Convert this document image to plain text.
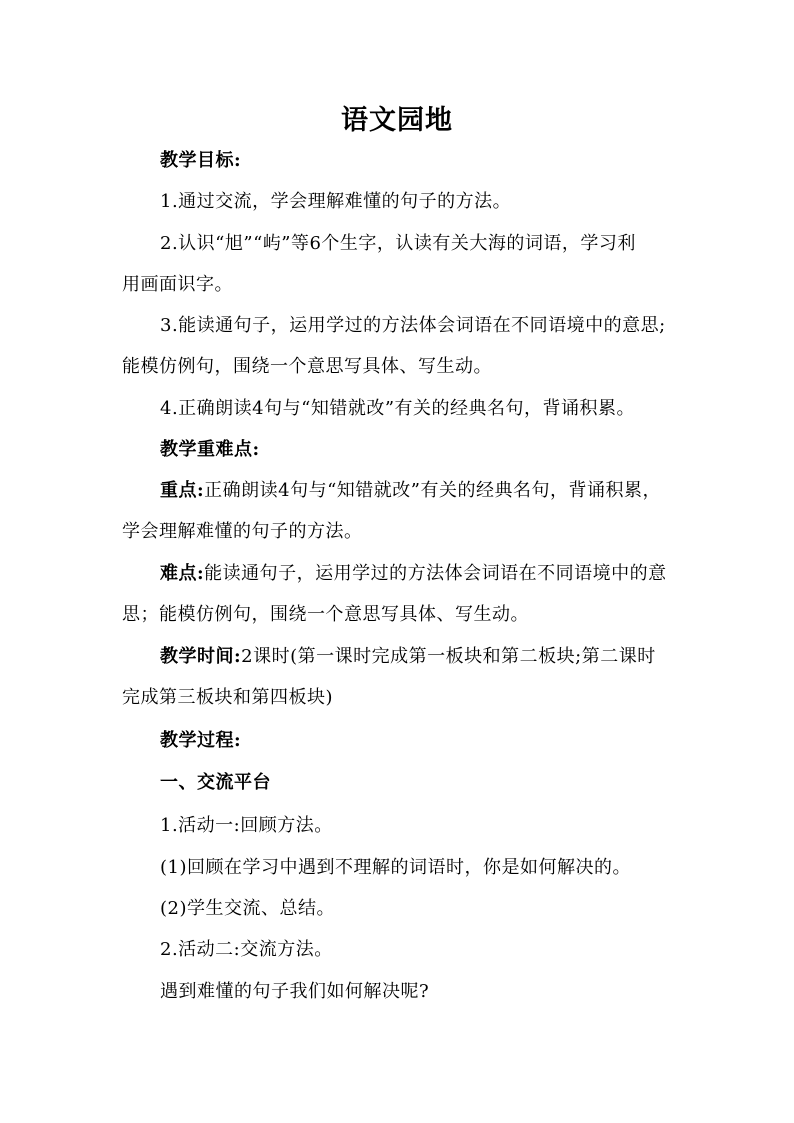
语文园地
教学目标:
1.通过交流，学会理解难懂的句子的方法。
2.认识“旭”“屿”等6个生字，认读有关大海的词语，学习利
用画面识字。
3.能读通句子，运用学过的方法体会词语在不同语境中的意思;
能模仿例句，围绕一个意思写具体、写生动。
4.正确朗读4句与“知错就改”有关的经典名句，背诵积累。
教学重难点:
重点:正确朗读4句与“知错就改”有关的经典名句，背诵积累，
学会理解难懂的句子的方法。
难点:能读通句子，运用学过的方法体会词语在不同语境中的意
思；能模仿例句，围绕一个意思写具体、写生动。
教学时间:2课时(第一课时完成第一板块和第二板块;第二课时
完成第三板块和第四板块)
教学过程:
一、交流平台
1.活动一:回顾方法。
(1)回顾在学习中遇到不理解的词语时，你是如何解决的。
(2)学生交流、总结。
2.活动二:交流方法。
遇到难懂的句子我们如何解决呢?
